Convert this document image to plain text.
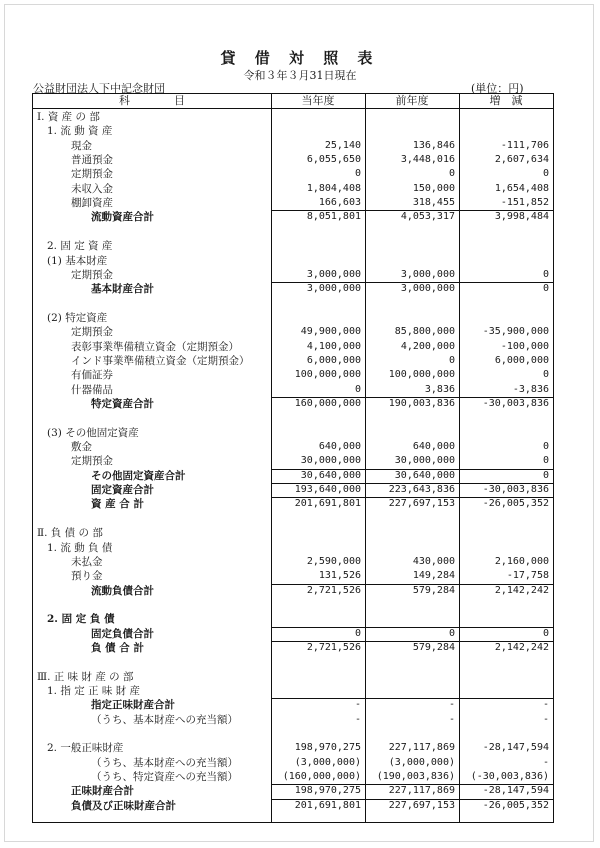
貸 借 対 照 表
令和３年３月31日現在
公益財団法人下中記念財団	(単位：円)
科　　　　目	当年度	前年度	増　減
Ⅰ. 資 産 の 部
1. 流 動 資 産
現金	25,140	136,846	-111,706
普通預金	6,055,650	3,448,016	2,607,634
定期預金	0	0	0
未収入金	1,804,408	150,000	1,654,408
棚卸資産	166,603	318,455	-151,852
流動資産合計	8,051,801	4,053,317	3,998,484
2. 固 定 資 産
(1) 基本財産
定期預金	3,000,000	3,000,000	0
基本財産合計	3,000,000	3,000,000	0
(2) 特定資産
定期預金	49,900,000	85,800,000	-35,900,000
表彰事業準備積立資金（定期預金）	4,100,000	4,200,000	-100,000
インド事業準備積立資金（定期預金）	6,000,000	0	6,000,000
有価証券	100,000,000	100,000,000	0
什器備品	0	3,836	-3,836
特定資産合計	160,000,000	190,003,836	-30,003,836
(3) その他固定資産
敷金	640,000	640,000	0
定期預金	30,000,000	30,000,000	0
その他固定資産合計	30,640,000	30,640,000	0
固定資産合計	193,640,000	223,643,836	-30,003,836
資 産 合 計	201,691,801	227,697,153	-26,005,352
Ⅱ. 負 債 の 部
1. 流 動 負 債
未払金	2,590,000	430,000	2,160,000
預り金	131,526	149,284	-17,758
流動負債合計	2,721,526	579,284	2,142,242
2. 固 定 負 債
固定負債合計	0	0	0
負 債 合 計	2,721,526	579,284	2,142,242
Ⅲ. 正 味 財 産 の 部
1. 指 定 正 味 財 産
指定正味財産合計	-	-	-
（うち、基本財産への充当額）	-	-	-
2. 一般正味財産	198,970,275	227,117,869	-28,147,594
（うち、基本財産への充当額）	(3,000,000)	(3,000,000)	-
（うち、特定資産への充当額）	(160,000,000)	(190,003,836)	(-30,003,836)
正味財産合計	198,970,275	227,117,869	-28,147,594
負債及び正味財産合計	201,691,801	227,697,153	-26,005,352
